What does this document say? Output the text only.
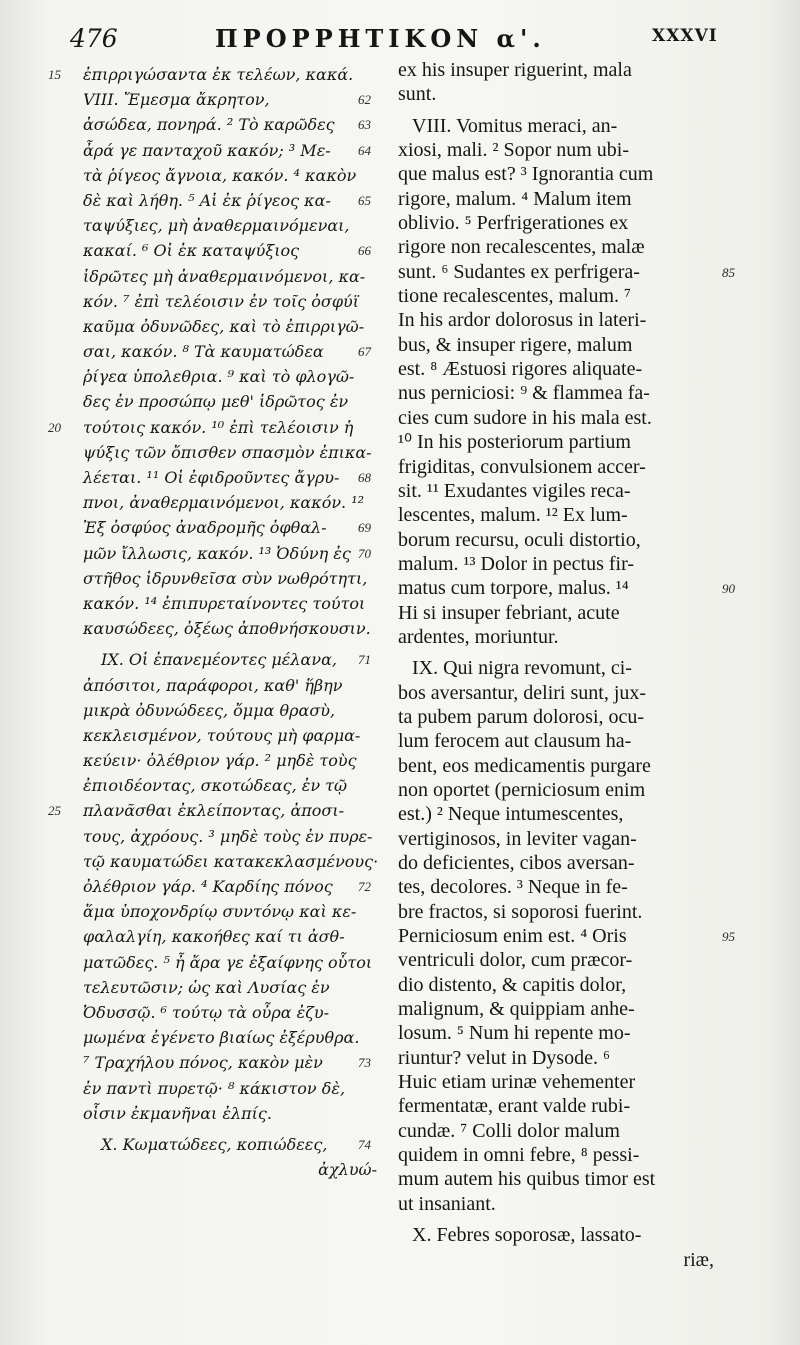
476	ΠΡΟΡΡΗΤΙΚΟΝ α'.	XXXVI
ἐπιρριγώσαντα ἐκ τελέων, κακά.
VIII. Ἔμεσμα ἄκρητον,
ἀσώδεα, πονηρά. ² Τὸ καρῶδες
ἆρά γε πανταχοῦ κακόν; ³ Με-
τὰ ῥίγεος ἄγνοια, κακόν. ⁴ κακὸν
δὲ καὶ λήθη. ⁵ Αἱ ἐκ ῥίγεος κα-
ταψύξιες, μὴ ἀναθερμαινόμεναι,
κακαί. ⁶ Οἱ ἐκ καταψύξιος
ἱδρῶτες μὴ ἀναθερμαινόμενοι, κα-
κόν. ⁷ ἐπὶ τελέοισιν ἐν τοῖς ὀσφύϊ
καῦμα ὀδυνῶδες, καὶ τὸ ἐπιρριγῶ-
σαι, κακόν. ⁸ Τὰ καυματώδεα
ῥίγεα ὑπολεθρια. ⁹ καὶ τὸ φλογῶ-
δες ἐν προσώπῳ μεθ' ἱδρῶτος ἐν
τούτοις κακόν. ¹⁰ ἐπὶ τελέοισιν ἡ
ψύξις τῶν ὄπισθεν σπασμὸν ἐπικα-
λέεται. ¹¹ Οἱ ἐφιδροῦντες ἄγρυ-
πνοι, ἀναθερμαινόμενοι, κακόν. ¹²
Ἐξ ὀσφύος ἀναδρομῆς ὀφθαλ-
μῶν ἴλλωσις, κακόν. ¹³ Ὀδύνη ἐς
στῆθος ἱδρυνθεῖσα σὺν νωθρότητι,
κακόν. ¹⁴ ἐπιπυρεταίνοντες τούτοι
καυσώδεες, ὀξέως ἀποθνήσκουσιν.
IX. Οἱ ἐπανεμέοντες μέλανα,
ἀπόσιτοι, παράφοροι, καθ' ἥβην
μικρὰ ὀδυνώδεες, ὄμμα θρασὺ,
κεκλεισμένον, τούτους μὴ φαρμα-
κεύειν· ὀλέθριον γάρ. ² μηδὲ τοὺς
ἐπιοιδέοντας, σκοτώδεας, ἐν τῷ
πλανᾶσθαι ἐκλείποντας, ἀποσι-
τους, ἀχρόους. ³ μηδὲ τοὺς ἐν πυρε-
τῷ καυματώδει κατακεκλασμένους·
ὀλέθριον γάρ. ⁴ Καρδίης πόνος
ἅμα ὑποχονδρίῳ συντόνῳ καὶ κε-
φαλαλγίη, κακοήθες καί τι ἀσθ-
ματῶδες. ⁵ ἦ ἄρα γε ἐξαίφνης οὗτοι
τελευτῶσιν; ὡς καὶ Λυσίας ἐν
Ὀδυσσῷ. ⁶ τούτῳ τὰ οὖρα ἐζυ-
μωμένα ἐγένετο βιαίως ἐξέρυθρα.
⁷ Τραχήλου πόνος, κακὸν μὲν
ἐν παντὶ πυρετῷ· ⁸ κάκιστον δὲ,
οἷσιν ἐκμανῆναι ἐλπίς.
X. Κωματώδεες, κοπιώδεες,
ἀχλυώ-
ex his insuper riguerint, mala
sunt.
VIII. Vomitus meraci, an-
xiosi, mali. ² Sopor num ubi-
que malus est? ³ Ignorantia cum
rigore, malum. ⁴ Malum item
oblivio. ⁵ Perfrigerationes ex
rigore non recalescentes, malæ
sunt. ⁶ Sudantes ex perfrigera-
tione recalescentes, malum. ⁷
In his ardor dolorosus in lateri-
bus, & insuper rigere, malum
est. ⁸ Æstuosi rigores aliquate-
nus perniciosi: ⁹ & flammea fa-
cies cum sudore in his mala est.
¹⁰ In his posteriorum partium
frigiditas, convulsionem accer-
sit. ¹¹ Exudantes vigiles reca-
lescentes, malum. ¹² Ex lum-
borum recursu, oculi distortio,
malum. ¹³ Dolor in pectus fir-
matus cum torpore, malus. ¹⁴
Hi si insuper febriant, acute
ardentes, moriuntur.
IX. Qui nigra revomunt, ci-
bos aversantur, deliri sunt, jux-
ta pubem parum dolorosi, ocu-
lum ferocem aut clausum ha-
bent, eos medicamentis purgare
non oportet (perniciosum enim
est.) ² Neque intumescentes,
vertiginosos, in leviter vagan-
do deficientes, cibos aversan-
tes, decolores. ³ Neque in fe-
bre fractos, si soporosi fuerint.
Perniciosum enim est. ⁴ Oris
ventriculi dolor, cum præcor-
dio distento, & capitis dolor,
malignum, & quippiam anhe-
losum. ⁵ Num hi repente mo-
riuntur? velut in Dysode. ⁶
Huic etiam urinæ vehementer
fermentatæ, erant valde rubi-
cundæ. ⁷ Colli dolor malum
quidem in omni febre, ⁸ pessi-
mum autem his quibus timor est
ut insaniant.
X. Febres soporosæ, lassato-
riæ,
15
62
63
64
65
66
67
20
68
69
70
71
25
72
73
74
85
90
95
